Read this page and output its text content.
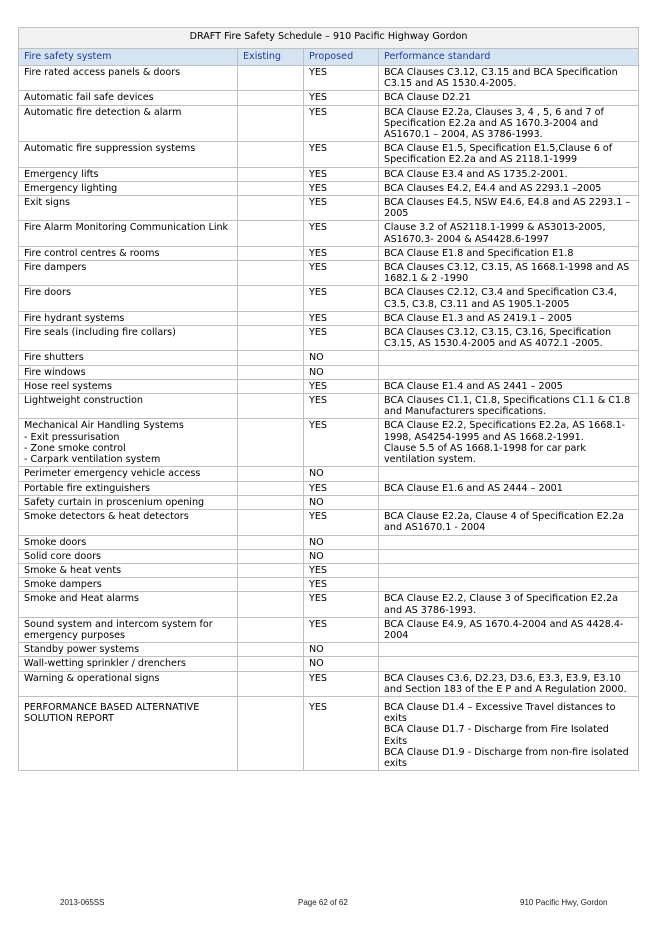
DRAFT Fire Safety Schedule – 910 Pacific Highway Gordon			
Fire safety system	Existing	Proposed	Performance standard
Fire rated access panels & doors		YES	BCA Clauses C3.12, C3.15 and BCA Specification C3.15 and AS 1530.4-2005.
Automatic fail safe devices		YES	BCA Clause D2.21
Automatic fire detection & alarm		YES	BCA Clause E2.2a, Clauses 3, 4 , 5, 6 and 7 of Specification E2.2a and AS 1670.3-2004 and AS1670.1 – 2004, AS 3786-1993.
Automatic fire suppression systems		YES	BCA Clause E1.5, Specification E1.5,Clause 6 of Specification E2.2a and AS 2118.1-1999
Emergency lifts		YES	BCA Clause E3.4 and AS 1735.2-2001.
Emergency lighting		YES	BCA Clauses E4.2, E4.4 and AS 2293.1 –2005
Exit signs		YES	BCA Clauses E4.5, NSW E4.6, E4.8 and AS 2293.1 – 2005
Fire Alarm Monitoring Communication Link		YES	Clause 3.2 of AS2118.1-1999 & AS3013-2005, AS1670.3- 2004 & AS4428.6-1997
Fire control centres & rooms		YES	BCA Clause E1.8 and Specification E1.8
Fire dampers		YES	BCA Clauses C3.12, C3.15, AS 1668.1-1998 and AS 1682.1 & 2 -1990
Fire doors		YES	BCA Clauses C2.12, C3.4 and Specification C3.4, C3.5, C3.8, C3.11 and AS 1905.1-2005
Fire hydrant systems		YES	BCA Clause E1.3 and AS 2419.1 – 2005
Fire seals (including fire collars)		YES	BCA Clauses C3.12, C3.15, C3.16, Specification C3.15, AS 1530.4-2005 and AS 4072.1 -2005.
Fire shutters		NO	
Fire windows		NO	
Hose reel systems		YES	BCA Clause E1.4 and AS 2441 – 2005
Lightweight construction		YES	BCA Clauses C1.1, C1.8, Specifications C1.1 & C1.8 and Manufacturers specifications.
Mechanical Air Handling Systems
- Exit pressurisation
- Zone smoke control
- Carpark ventilation system		YES	BCA Clause E2.2, Specifications E2.2a, AS 1668.1-1998, AS4254-1995 and AS 1668.2-1991.
Clause 5.5 of AS 1668.1-1998 for car park ventilation system.
Perimeter emergency vehicle access		NO	
Portable fire extinguishers		YES	BCA Clause E1.6 and AS 2444 – 2001
Safety curtain in proscenium opening		NO	
Smoke detectors & heat detectors		YES	BCA Clause E2.2a, Clause 4 of Specification E2.2a and AS1670.1 - 2004
Smoke doors		NO	
Solid core doors		NO	
Smoke & heat vents		YES	
Smoke dampers		YES	
Smoke and Heat alarms		YES	BCA Clause E2.2, Clause 3 of Specification E2.2a and AS 3786-1993.
Sound system and intercom system for emergency purposes		YES	BCA Clause E4.9, AS 1670.4-2004 and AS 4428.4-2004
Standby power systems		NO	
Wall-wetting sprinkler / drenchers		NO	
Warning & operational signs		YES	BCA Clauses C3.6, D2.23, D3.6, E3.3, E3.9, E3.10 and Section 183 of the E P and A Regulation 2000.
PERFORMANCE BASED ALTERNATIVE SOLUTION REPORT		YES	BCA Clause D1.4 – Excessive Travel distances to exits
BCA Clause D1.7 - Discharge from Fire Isolated Exits
BCA Clause D1.9 - Discharge from non-fire isolated exits
2013-065SS	Page 62 of 62	910 Pacific Hwy, Gordon
